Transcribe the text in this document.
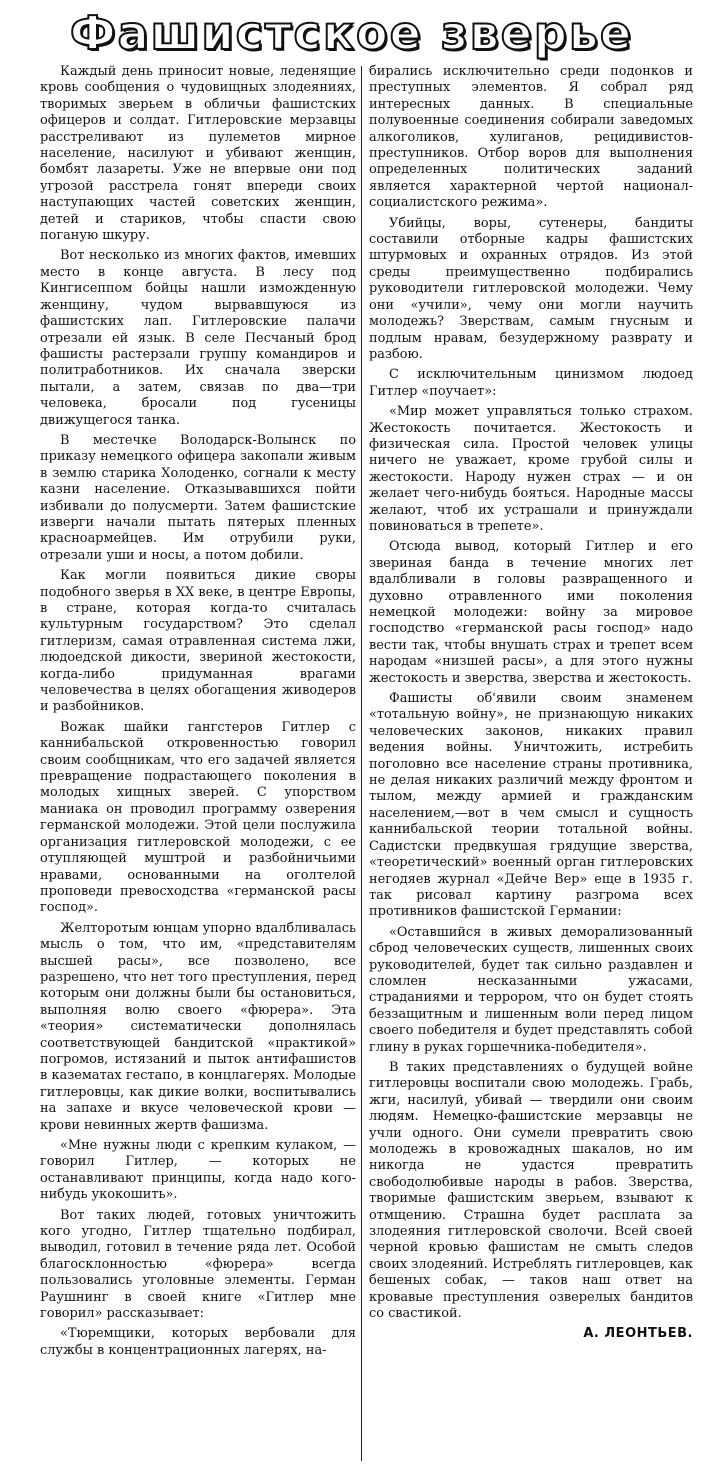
Фашистское зверье

Каждый день приносит новые, леденящие кровь сообщения о чудовищных злодеяниях, творимых зверьем в обличьи фашистских офицеров и солдат. Гитлеровские мерзавцы расстреливают из пулеметов мирное население, насилуют и убивают женщин, бомбят лазареты. Уже не впервые они под угрозой расстрела гонят впереди своих наступающих частей советских женщин, детей и стариков, чтобы спасти свою поганую шкуру.

Вот несколько из многих фактов, имевших место в конце августа. В лесу под Кингисеппом бойцы нашли изможденную женщину, чудом вырвавшуюся из фашистских лап. Гитлеровские палачи отрезали ей язык. В селе Песчаный брод фашисты растерзали группу командиров и политработников. Их сначала зверски пытали, а затем, связав по два—три человека, бросали под гусеницы движущегося танка.

В местечке Володарск-Волынск по приказу немецкого офицера закопали живым в землю старика Холоденко, согнали к месту казни население. Отказывавшихся пойти избивали до полусмерти. Затем фашистские изверги начали пытать пятерых пленных красноармейцев. Им отрубили руки, отрезали уши и носы, а потом добили.

Как могли появиться дикие своры подобного зверья в XX веке, в центре Европы, в стране, которая когда-то считалась культурным государством? Это сделал гитлеризм, самая отравленная система лжи, людоедской дикости, звериной жестокости, когда-либо придуманная врагами человечества в целях обогащения живодеров и разбойников.

Вожак шайки гангстеров Гитлер с каннибальской откровенностью говорил своим сообщникам, что его задачей является превращение подрастающего поколения в молодых хищных зверей. С упорством маниака он проводил программу озверения германской молодежи. Этой цели послужила организация гитлеровской молодежи, с ее отупляющей муштрой и разбойничьими нравами, основанными на оголтелой проповеди превосходства «германской расы господ».

Желторотым юнцам упорно вдалбливалась мысль о том, что им, «представителям высшей расы», все позволено, все разрешено, что нет того преступления, перед которым они должны были бы остановиться, выполняя волю своего «фюрера». Эта «теория» систематически дополнялась соответствующей бандитской «практикой» погромов, истязаний и пыток антифашистов в казематах гестапо, в концлагерях. Молодые гитлеровцы, как дикие волки, воспитывались на запахе и вкусе человеческой крови — крови невинных жертв фашизма.

«Мне нужны люди с крепким кулаком, — говорил Гитлер, — которых не останавливают принципы, когда надо кого-нибудь укокошить».

Вот таких людей, готовых уничтожить кого угодно, Гитлер тщательно подбирал, выводил, готовил в течение ряда лет. Особой благосклонностью «фюрера» всегда пользовались уголовные элементы. Герман Раушнинг в своей книге «Гитлер мне говорил» рассказывает:

«Тюремщики, которых вербовали для службы в концентрационных лагерях, на-

бирались исключительно среди подонков и преступных элементов. Я собрал ряд интересных данных. В специальные полувоенные соединения собирали заведомых алкоголиков, хулиганов, рецидивистов-преступников. Отбор воров для выполнения определенных политических заданий является характерной чертой национал-социалистского режима».

Убийцы, воры, сутенеры, бандиты составили отборные кадры фашистских штурмовых и охранных отрядов. Из этой среды преимущественно подбирались руководители гитлеровской молодежи. Чему они «учили», чему они могли научить молодежь? Зверствам, самым гнусным и подлым нравам, безудержному разврату и разбою.

С исключительным цинизмом людоед Гитлер «поучает»:

«Мир может управляться только страхом. Жестокость почитается. Жестокость и физическая сила. Простой человек улицы ничего не уважает, кроме грубой силы и жестокости. Народу нужен страх — и он желает чего-нибудь бояться. Народные массы желают, чтоб их устрашали и принуждали повиноваться в трепете».

Отсюда вывод, который Гитлер и его звериная банда в течение многих лет вдалбливали в головы развращенного и духовно отравленного ими поколения немецкой молодежи: войну за мировое господство «германской расы господ» надо вести так, чтобы внушать страх и трепет всем народам «низшей расы», а для этого нужны жестокость и зверства, зверства и жестокость.

Фашисты об'явили своим знаменем «тотальную войну», не признающую никаких человеческих законов, никаких правил ведения войны. Уничтожить, истребить поголовно все население страны противника, не делая никаких различий между фронтом и тылом, между армией и гражданским населением,—вот в чем смысл и сущность каннибальской теории тотальной войны. Садистски предвкушая грядущие зверства, «теоретический» военный орган гитлеровских негодяев журнал «Дейче Вер» еще в 1935 г. так рисовал картину разгрома всех противников фашистской Германии:

«Оставшийся в живых деморализованный сброд человеческих существ, лишенных своих руководителей, будет так сильно раздавлен и сломлен несказанными ужасами, страданиями и террором, что он будет стоять беззащитным и лишенным воли перед лицом своего победителя и будет представлять собой глину в руках горшечника-победителя».

В таких представлениях о будущей войне гитлеровцы воспитали свою молодежь. Грабь, жги, насилуй, убивай — твердили они своим людям. Немецко-фашистские мерзавцы не учли одного. Они сумели превратить свою молодежь в кровожадных шакалов, но им никогда не удастся превратить свободолюбивые народы в рабов. Зверства, творимые фашистским зверьем, взывают к отмщению. Страшна будет расплата за злодеяния гитлеровской сволочи. Всей своей черной кровью фашистам не смыть следов своих злодеяний. Истреблять гитлеровцев, как бешеных собак, — таков наш ответ на кровавые преступления озверелых бандитов со свастикой.

А. ЛЕОНТЬЕВ.
